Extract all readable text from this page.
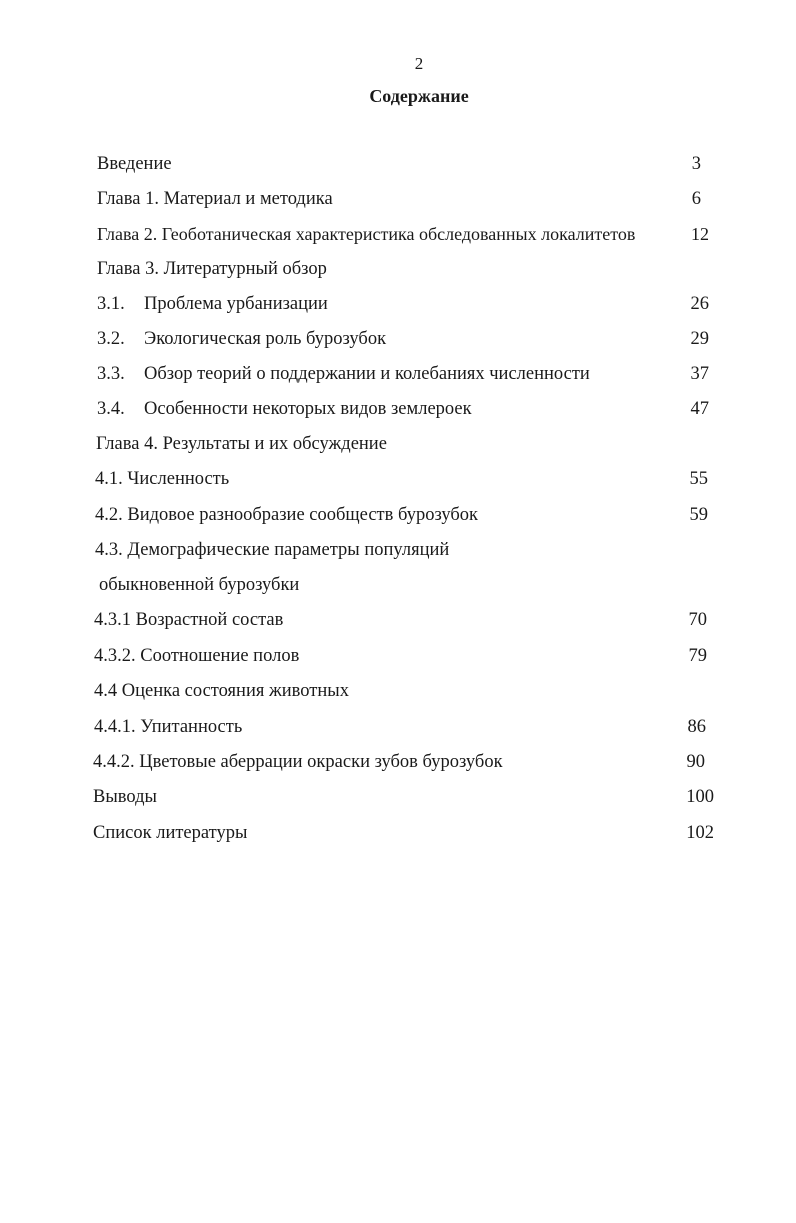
2
Содержание
Введение	3
Глава 1. Материал и методика	6
Глава 2. Геоботаническая характеристика обследованных локалитетов	12
Глава 3. Литературный обзор
3.1. Проблема урбанизации	26
3.2. Экологическая роль бурозубок	29
3.3. Обзор теорий о поддержании и колебаниях численности	37
3.4. Особенности некоторых видов землероек	47
Глава 4. Результаты и их обсуждение
4.1. Численность	55
4.2. Видовое разнообразие сообществ бурозубок	59
4.3. Демографические параметры популяций
обыкновенной бурозубки
4.3.1 Возрастной состав	70
4.3.2. Соотношение полов	79
4.4 Оценка состояния животных
4.4.1. Упитанность	86
4.4.2. Цветовые аберрации окраски зубов бурозубок	90
Выводы	100
Список литературы	102
